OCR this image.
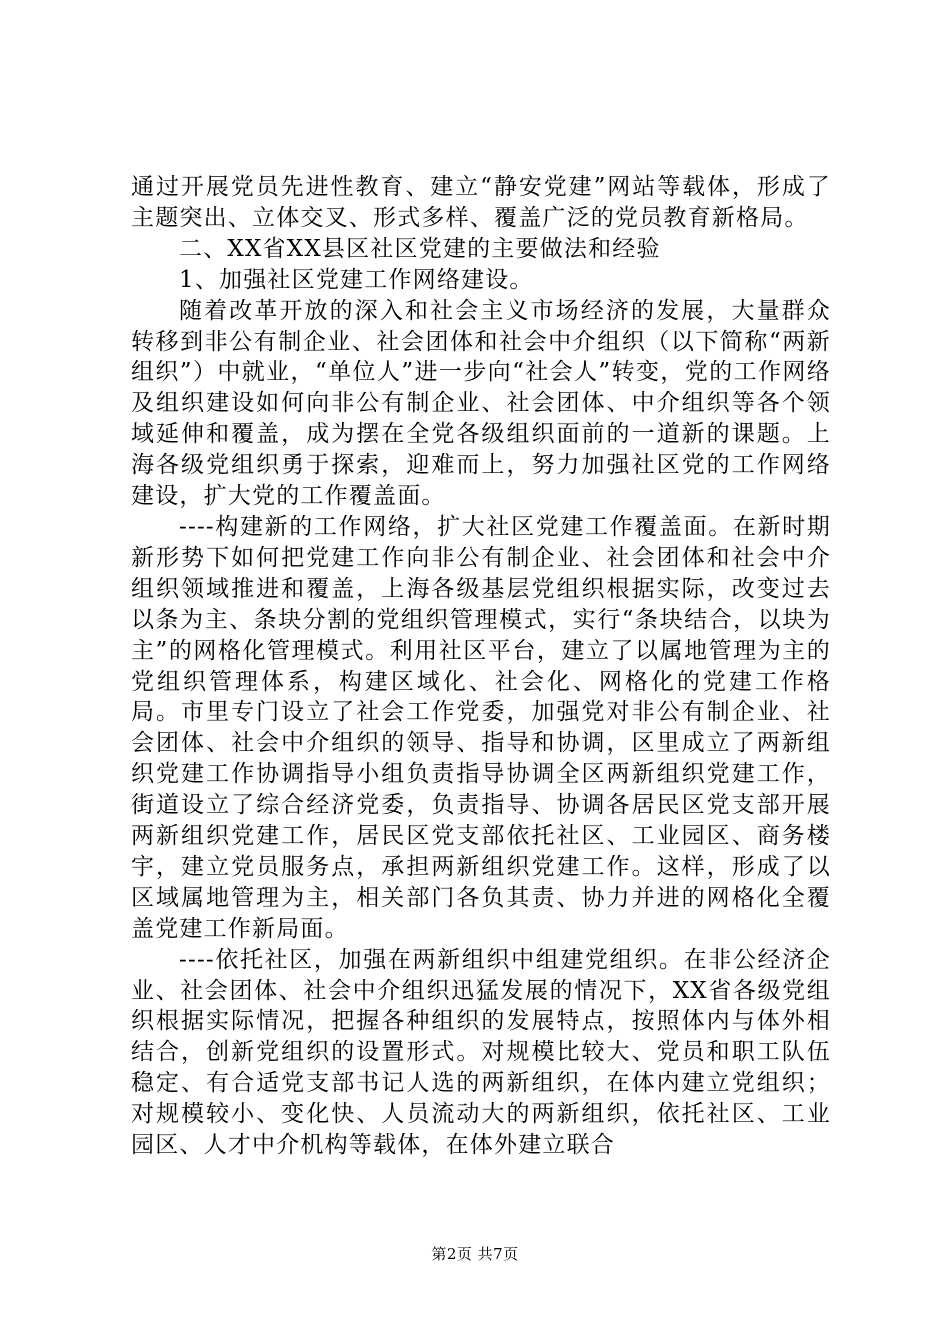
通过开展党员先进性教育、建立“静安党建”网站等载体，形成了主题突出、立体交叉、形式多样、覆盖广泛的党员教育新格局。

二、XX省XX县区社区党建的主要做法和经验

1、加强社区党建工作网络建设。

随着改革开放的深入和社会主义市场经济的发展，大量群众转移到非公有制企业、社会团体和社会中介组织（以下简称“两新组织”）中就业，“单位人”进一步向“社会人”转变，党的工作网络及组织建设如何向非公有制企业、社会团体、中介组织等各个领域延伸和覆盖，成为摆在全党各级组织面前的一道新的课题。上海各级党组织勇于探索，迎难而上，努力加强社区党的工作网络建设，扩大党的工作覆盖面。

----构建新的工作网络，扩大社区党建工作覆盖面。在新时期新形势下如何把党建工作向非公有制企业、社会团体和社会中介组织领域推进和覆盖，上海各级基层党组织根据实际，改变过去以条为主、条块分割的党组织管理模式，实行“条块结合，以块为主”的网格化管理模式。利用社区平台，建立了以属地管理为主的党组织管理体系，构建区域化、社会化、网格化的党建工作格局。市里专门设立了社会工作党委，加强党对非公有制企业、社会团体、社会中介组织的领导、指导和协调，区里成立了两新组织党建工作协调指导小组负责指导协调全区两新组织党建工作，街道设立了综合经济党委，负责指导、协调各居民区党支部开展两新组织党建工作，居民区党支部依托社区、工业园区、商务楼宇，建立党员服务点，承担两新组织党建工作。这样，形成了以区域属地管理为主，相关部门各负其责、协力并进的网格化全覆盖党建工作新局面。

----依托社区，加强在两新组织中组建党组织。在非公经济企业、社会团体、社会中介组织迅猛发展的情况下，XX省各级党组织根据实际情况，把握各种组织的发展特点，按照体内与体外相结合，创新党组织的设置形式。对规模比较大、党员和职工队伍稳定、有合适党支部书记人选的两新组织，在体内建立党组织；对规模较小、变化快、人员流动大的两新组织，依托社区、工业园区、人才中介机构等载体，在体外建立联合

第2页 共7页
